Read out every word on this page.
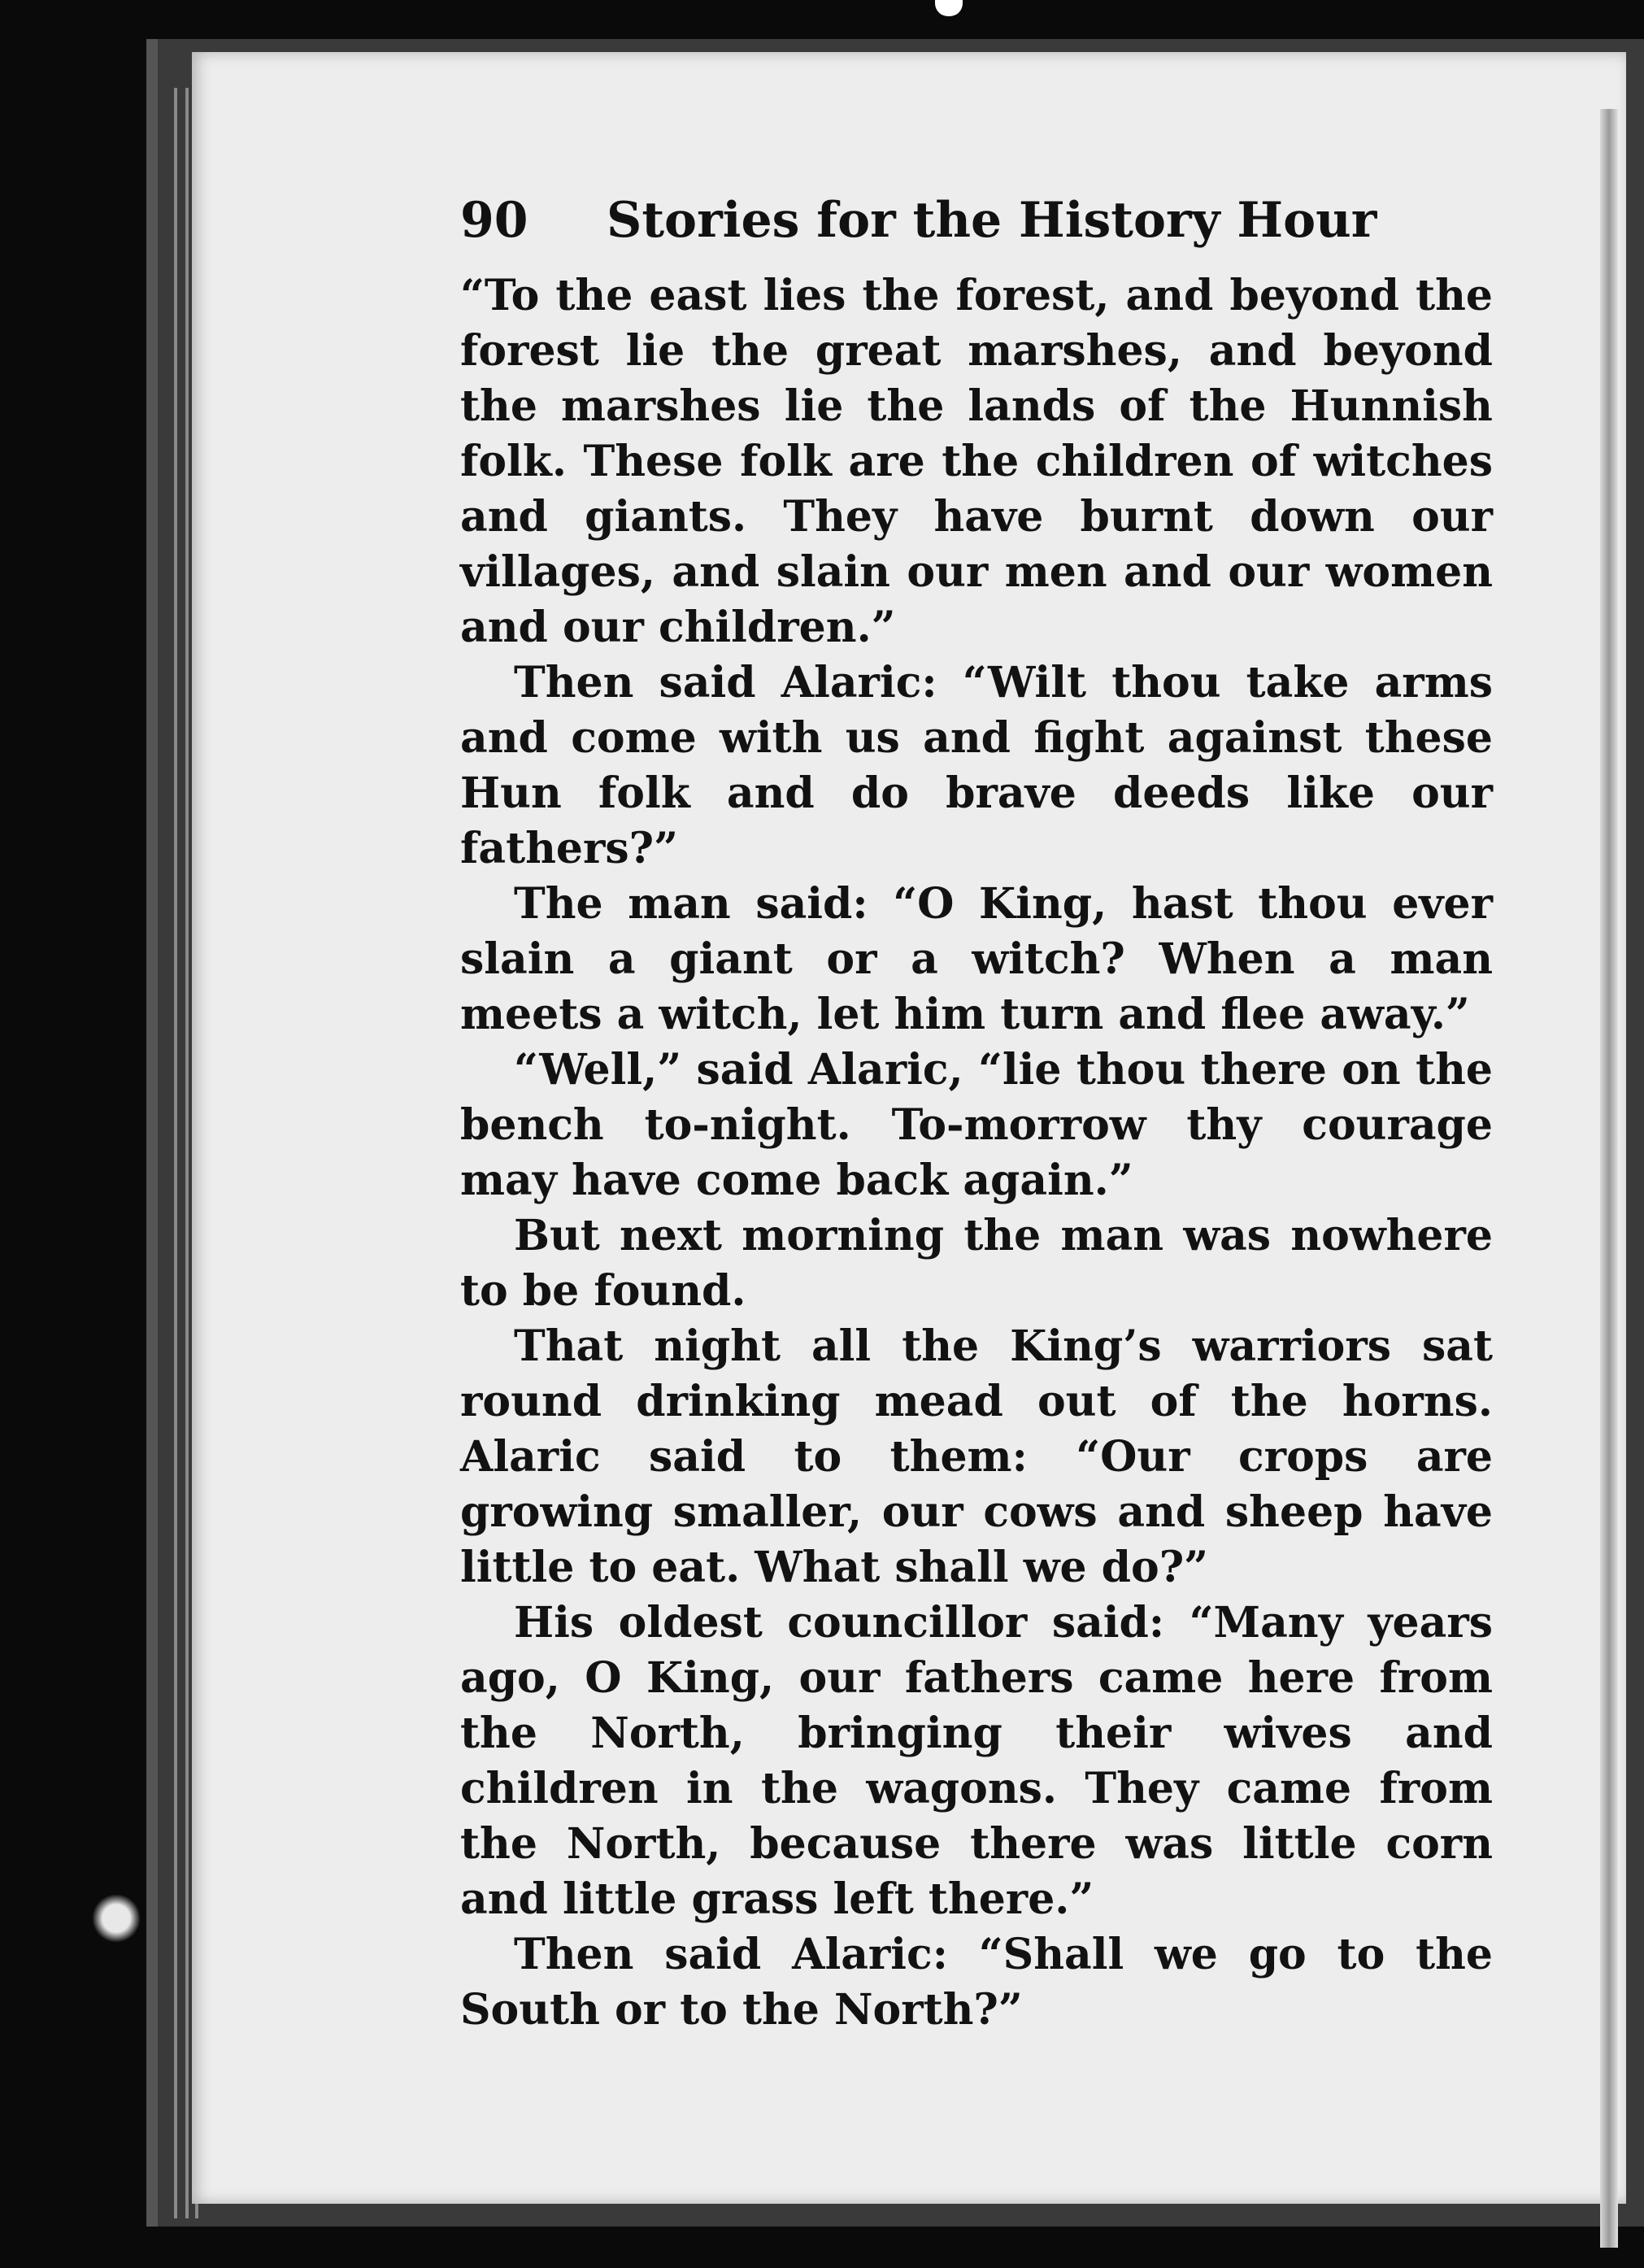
90 Stories for the History Hour

“To the east lies the forest, and beyond the forest lie the great marshes, and beyond the marshes lie the lands of the Hunnish folk. These folk are the children of witches and giants. They have burnt down our villages, and slain our men and our women and our children.”

Then said Alaric: “Wilt thou take arms and come with us and fight against these Hun folk and do brave deeds like our fathers?”

The man said: “O King, hast thou ever slain a giant or a witch? When a man meets a witch, let him turn and flee away.”

“Well,” said Alaric, “lie thou there on the bench to-night. To-morrow thy courage may have come back again.”

But next morning the man was nowhere to be found.

That night all the King’s warriors sat round drinking mead out of the horns. Alaric said to them: “Our crops are growing smaller, our cows and sheep have little to eat. What shall we do?”

His oldest councillor said: “Many years ago, O King, our fathers came here from the North, bringing their wives and children in the wagons. They came from the North, because there was little corn and little grass left there.”

Then said Alaric: “Shall we go to the South or to the North?”
